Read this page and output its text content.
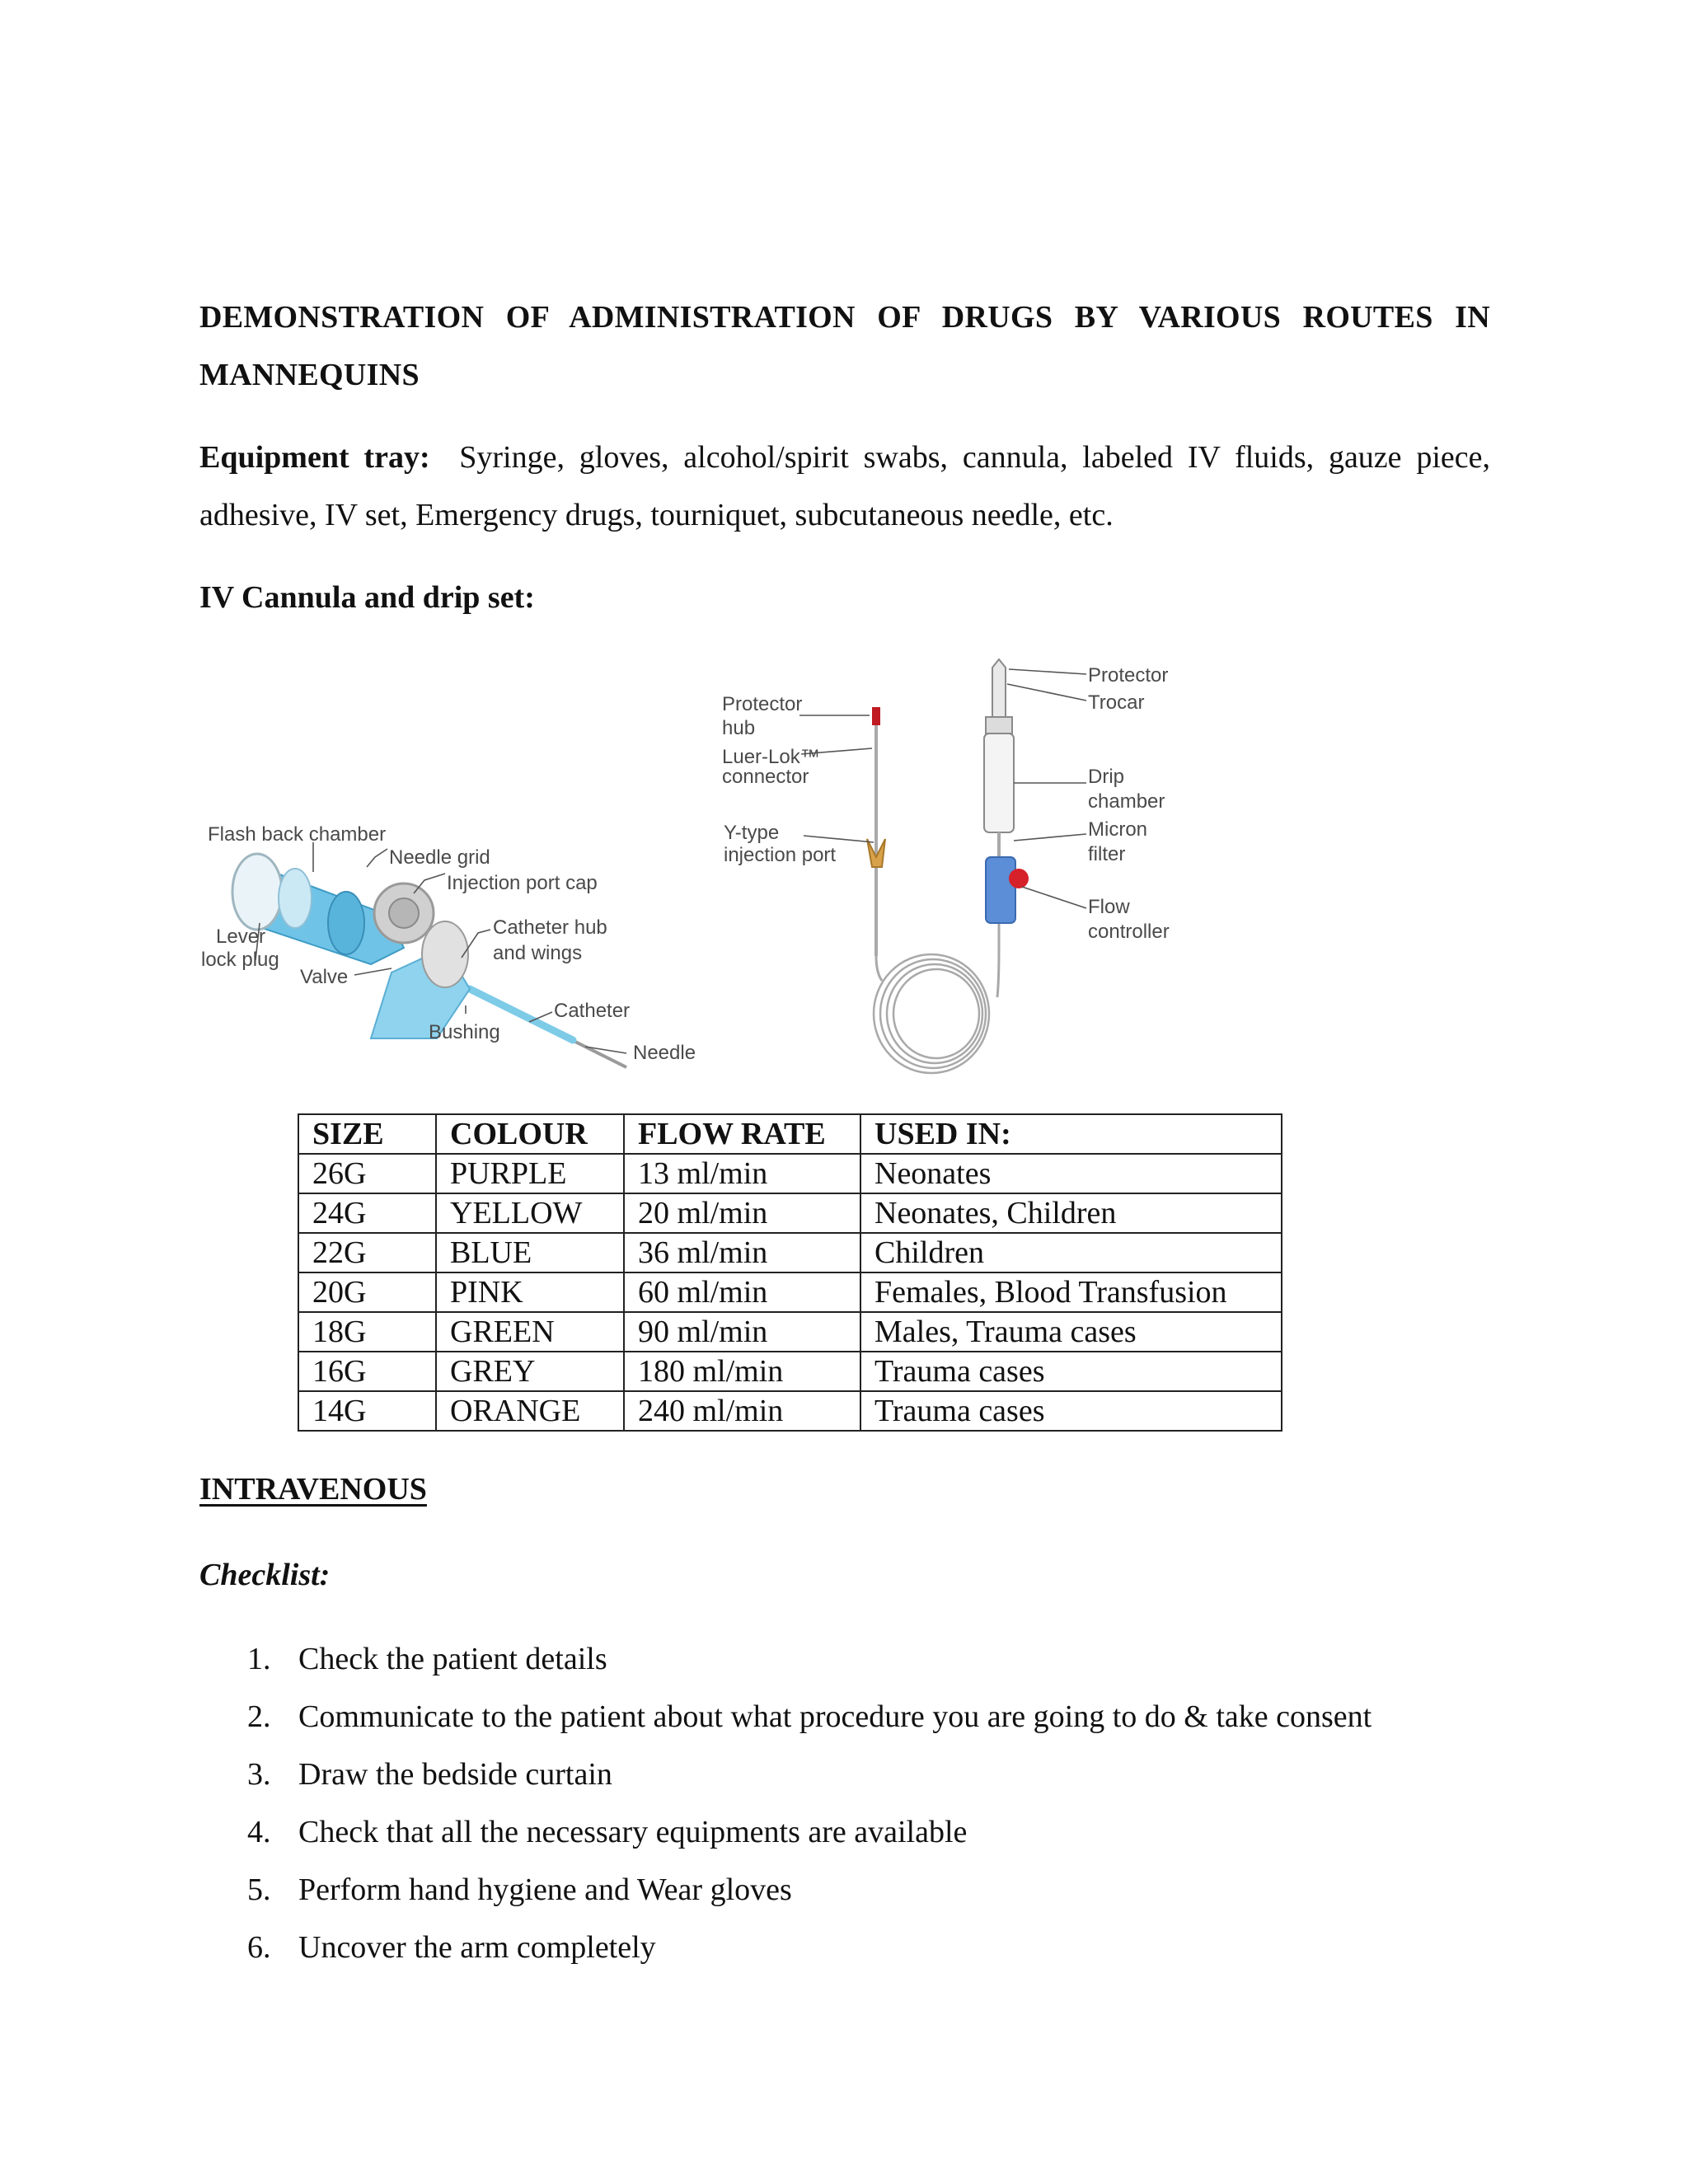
DEMONSTRATION OF ADMINISTRATION OF DRUGS BY VARIOUS ROUTES IN MANNEQUINS
Equipment tray: Syringe, gloves, alcohol/spirit swabs, cannula, labeled IV fluids, gauze piece, adhesive, IV set, Emergency drugs, tourniquet, subcutaneous needle, etc.
IV Cannula and drip set:
Flash back chamber
Needle grid
Injection port cap
Lever
lock plug
Valve
Catheter hub
and wings
Catheter
Bushing
Needle
Protector
hub
Luer-Lok™
connector
Y-type
injection port
Protector
Trocar
Drip
chamber
Micron
filter
Flow
controller
SIZE	COLOUR	FLOW RATE	USED IN:
26G	PURPLE	13 ml/min	Neonates
24G	YELLOW	20 ml/min	Neonates, Children
22G	BLUE	36 ml/min	Children
20G	PINK	60 ml/min	Females, Blood Transfusion
18G	GREEN	90 ml/min	Males, Trauma cases
16G	GREY	180 ml/min	Trauma cases
14G	ORANGE	240 ml/min	Trauma cases
INTRAVENOUS
Checklist:
1. Check the patient details
2. Communicate to the patient about what procedure you are going to do & take consent
3. Draw the bedside curtain
4. Check that all the necessary equipments are available
5. Perform hand hygiene and Wear gloves
6. Uncover the arm completely
